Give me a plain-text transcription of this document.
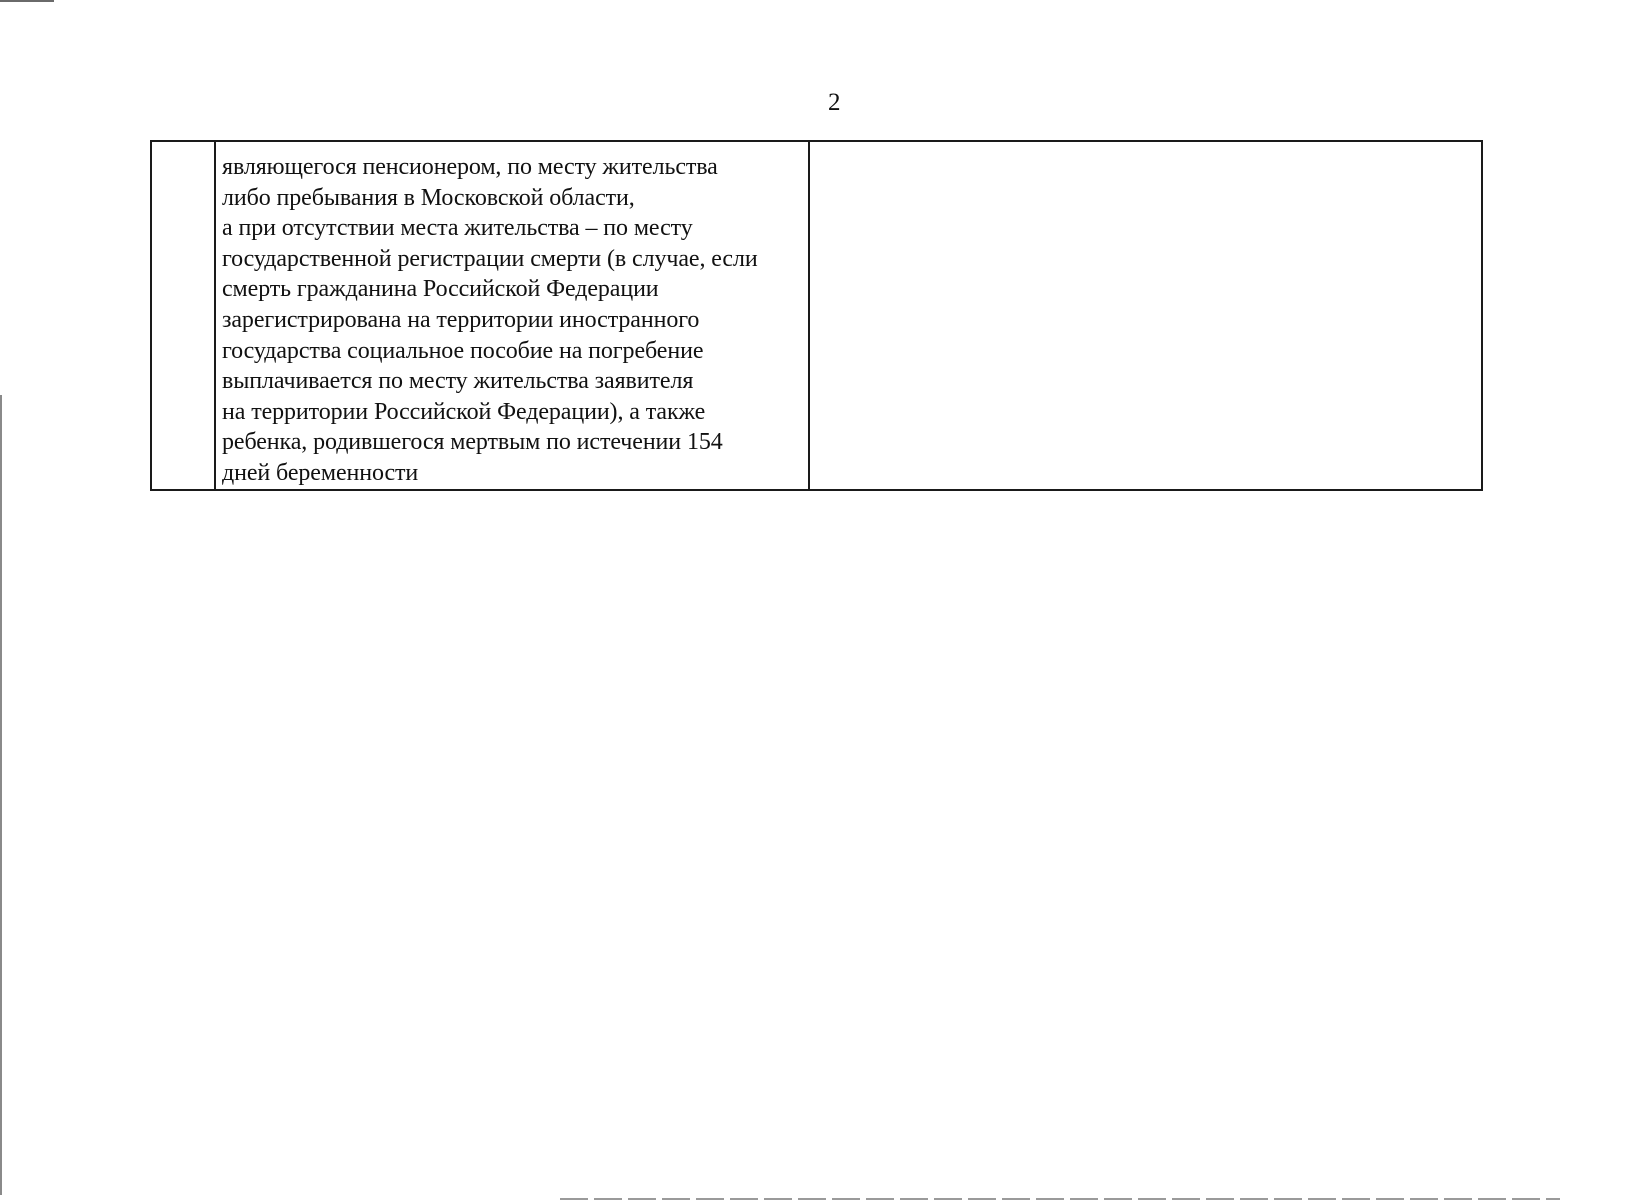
2

являющегося пенсионером, по месту жительства
либо пребывания в Московской области,
а при отсутствии места жительства – по месту
государственной регистрации смерти (в случае, если
смерть гражданина Российской Федерации
зарегистрирована на территории иностранного
государства социальное пособие на погребение
выплачивается по месту жительства заявителя
на территории Российской Федерации), а также
ребенка, родившегося мертвым по истечении 154
дней беременности
